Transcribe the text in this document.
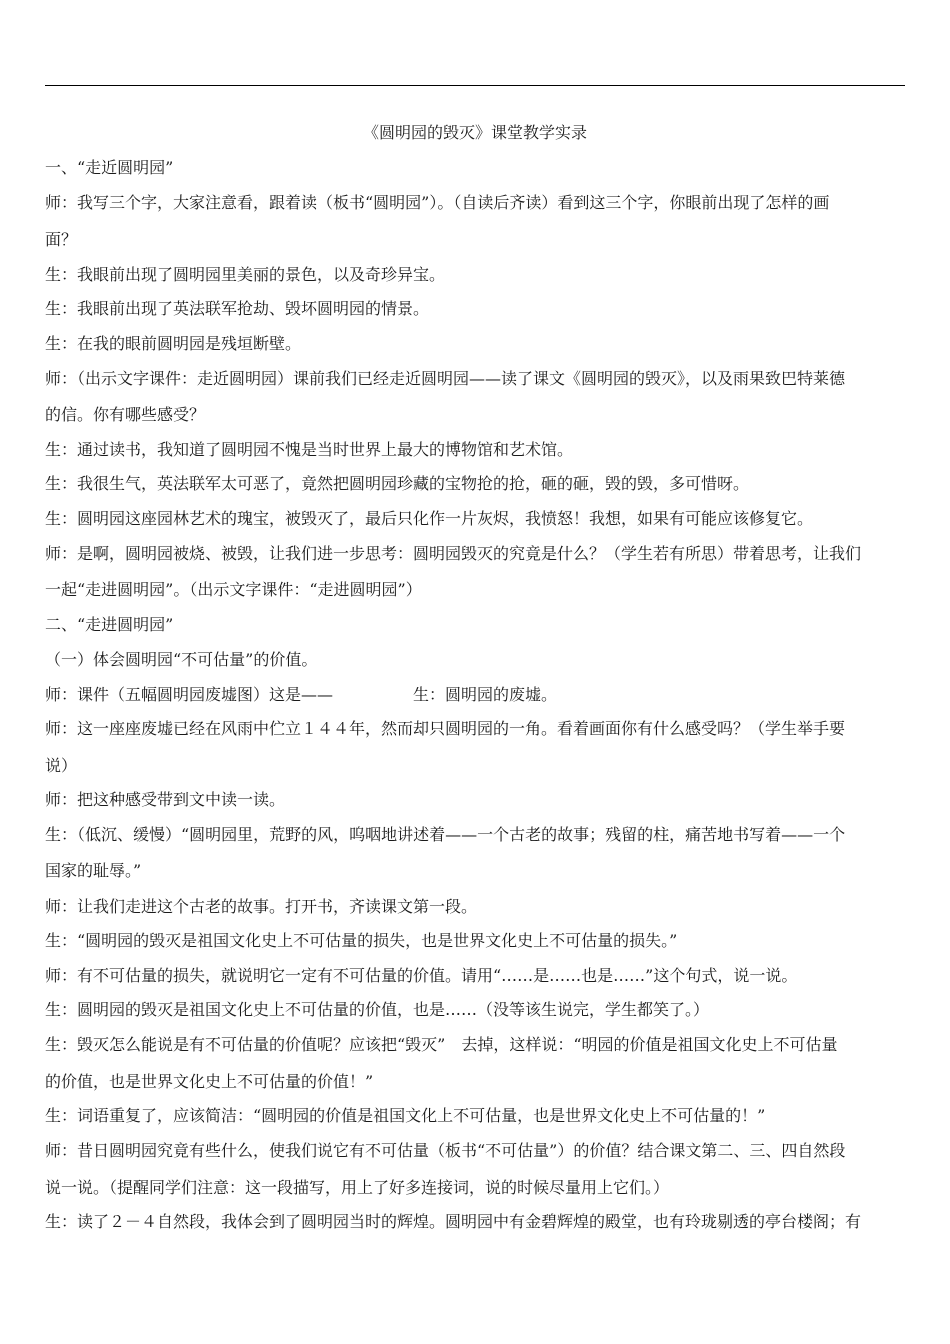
《圆明园的毁灭》课堂教学实录
一、“走近圆明园”
师：我写三个字，大家注意看，跟着读（板书“圆明园”）。（自读后齐读）看到这三个字，你眼前出现了怎样的画
面？
生：我眼前出现了圆明园里美丽的景色，以及奇珍异宝。
生：我眼前出现了英法联军抢劫、毁坏圆明园的情景。
生：在我的眼前圆明园是残垣断壁。
师：（出示文字课件：走近圆明园）课前我们已经走近圆明园——读了课文《圆明园的毁灭》，以及雨果致巴特莱德
的信。你有哪些感受？
生：通过读书，我知道了圆明园不愧是当时世界上最大的博物馆和艺术馆。
生：我很生气，英法联军太可恶了，竟然把圆明园珍藏的宝物抢的抢，砸的砸，毁的毁，多可惜呀。
生：圆明园这座园林艺术的瑰宝，被毁灭了，最后只化作一片灰烬，我愤怒！我想，如果有可能应该修复它。
师：是啊，圆明园被烧、被毁，让我们进一步思考：圆明园毁灭的究竟是什么？（学生若有所思）带着思考，让我们
一起“走进圆明园”。（出示文字课件：“走进圆明园”）
二、“走进圆明园”
（一）体会圆明园“不可估量”的价值。
师：课件（五幅圆明园废墟图）这是——　　　　　生：圆明园的废墟。
师：这一座座废墟已经在风雨中伫立１４４年，然而却只圆明园的一角。看着画面你有什么感受吗？（学生举手要
说）
师：把这种感受带到文中读一读。
生：（低沉、缓慢）“圆明园里，荒野的风，呜咽地讲述着——一个古老的故事；残留的柱，痛苦地书写着——一个
国家的耻辱。”
师：让我们走进这个古老的故事。打开书，齐读课文第一段。
生：“圆明园的毁灭是祖国文化史上不可估量的损失，也是世界文化史上不可估量的损失。”
师：有不可估量的损失，就说明它一定有不可估量的价值。请用“……是……也是……”这个句式，说一说。
生：圆明园的毁灭是祖国文化史上不可估量的价值，也是……（没等该生说完，学生都笑了。）
生：毁灭怎么能说是有不可估量的价值呢？应该把“毁灭”　去掉，这样说：“明园的价值是祖国文化史上不可估量
的价值，也是世界文化史上不可估量的价值！”
生：词语重复了，应该简洁：“圆明园的价值是祖国文化上不可估量，也是世界文化史上不可估量的！”
师：昔日圆明园究竟有些什么，使我们说它有不可估量（板书“不可估量”）的价值？结合课文第二、三、四自然段
说一说。（提醒同学们注意：这一段描写，用上了好多连接词，说的时候尽量用上它们。）
生：读了２－４自然段，我体会到了圆明园当时的辉煌。圆明园中有金碧辉煌的殿堂，也有玲珑剔透的亭台楼阁；有
